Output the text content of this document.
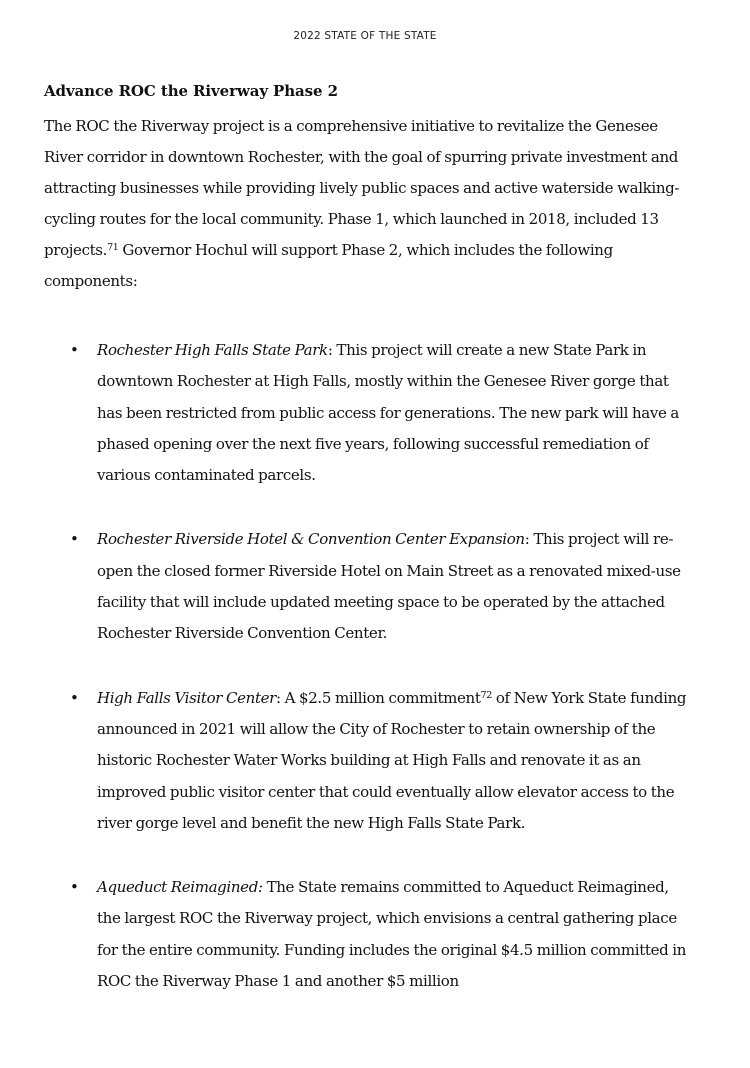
2022 STATE OF THE STATE
Advance ROC the Riverway Phase 2

The ROC the Riverway project is a comprehensive initiative to revitalize the Genesee River corridor in downtown Rochester, with the goal of spurring private investment and attracting businesses while providing lively public spaces and active waterside walking-cycling routes for the local community. Phase 1, which launched in 2018, included 13 projects.$^{71}$ Governor Hochul will support Phase 2, which includes the following components:

• Rochester High Falls State Park: This project will create a new State Park in downtown Rochester at High Falls, mostly within the Genesee River gorge that has been restricted from public access for generations. The new park will have a phased opening over the next five years, following successful remediation of various contaminated parcels.
• Rochester Riverside Hotel & Convention Center Expansion: This project will re-open the closed former Riverside Hotel on Main Street as a renovated mixed-use facility that will include updated meeting space to be operated by the attached Rochester Riverside Convention Center.
• High Falls Visitor Center: A $2.5 million commitment$^{72}$ of New York State funding announced in 2021 will allow the City of Rochester to retain ownership of the historic Rochester Water Works building at High Falls and renovate it as an improved public visitor center that could eventually allow elevator access to the river gorge level and benefit the new High Falls State Park.
• Aqueduct Reimagined: The State remains committed to Aqueduct Reimagined, the largest ROC the Riverway project, which envisions a central gathering place for the entire community. Funding includes the original $4.5 million committed in ROC the Riverway Phase 1 and another $5 million
